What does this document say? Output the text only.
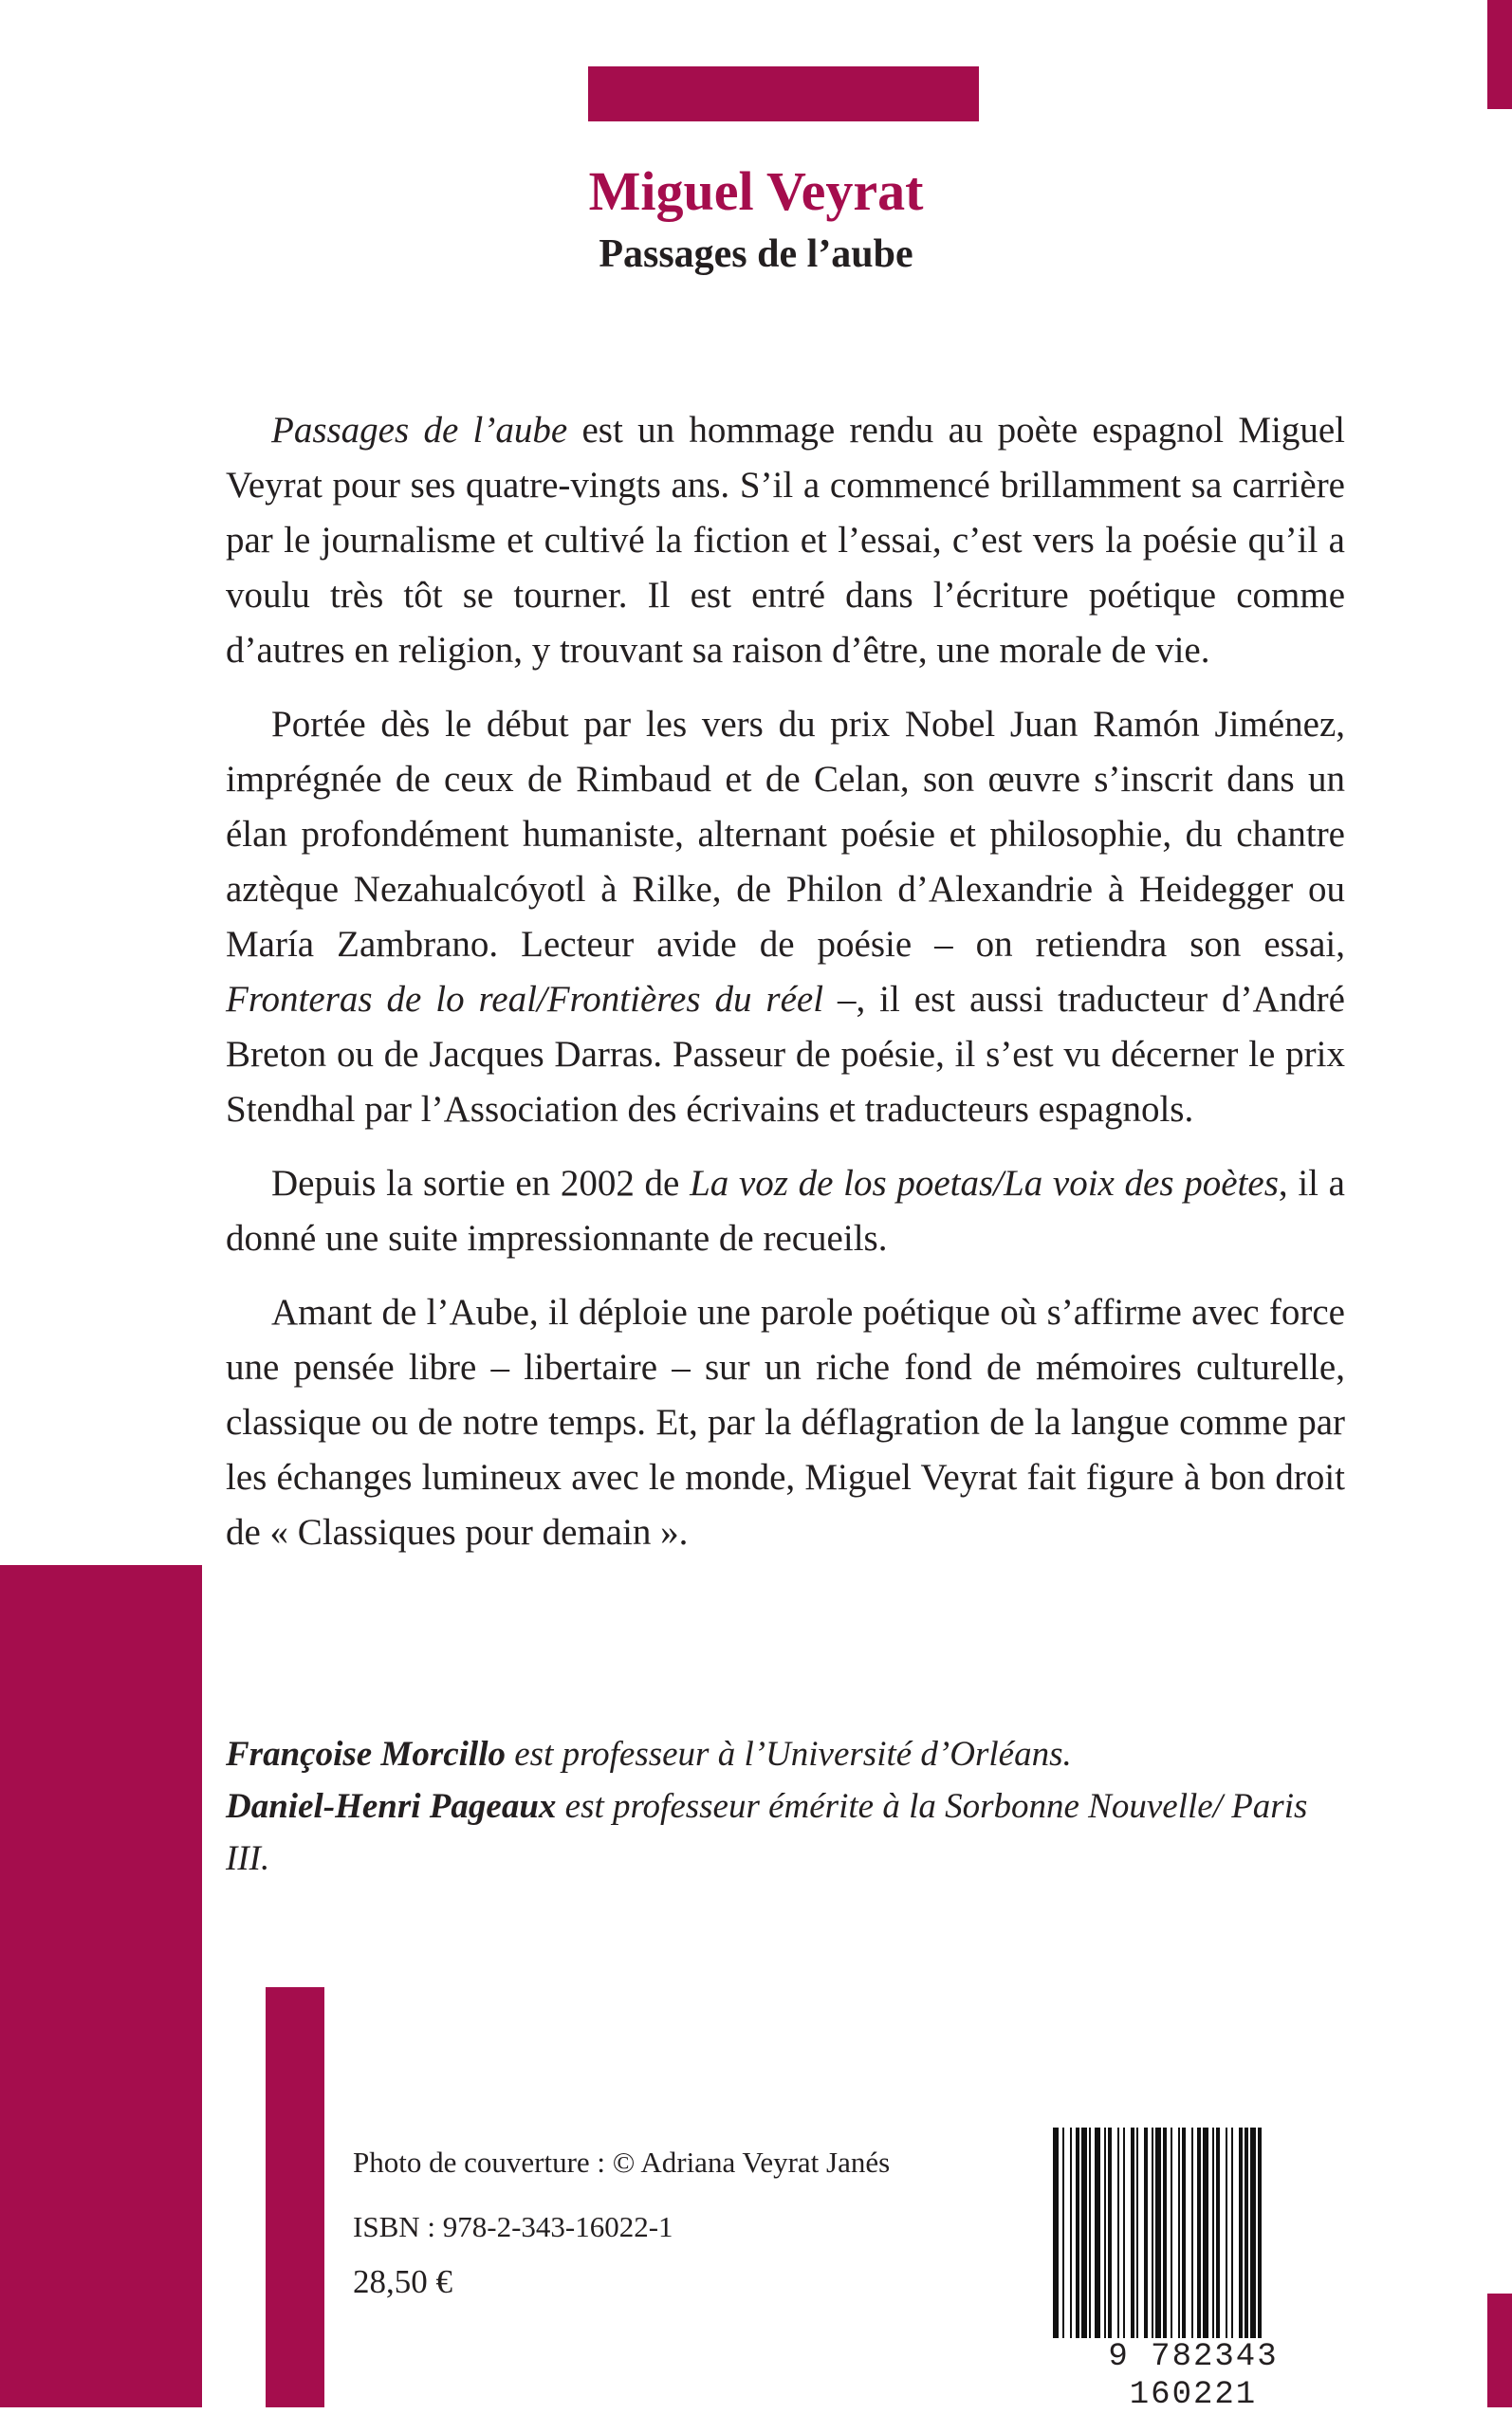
Miguel Veyrat
Passages de l’aube

Passages de l’aube est un hommage rendu au poète espagnol Miguel Veyrat pour ses quatre-vingts ans. S’il a commencé brillamment sa carrière par le journalisme et cultivé la fiction et l’essai, c’est vers la poésie qu’il a voulu très tôt se tourner. Il est entré dans l’écriture poétique comme d’autres en religion, y trouvant sa raison d’être, une morale de vie.

Portée dès le début par les vers du prix Nobel Juan Ramón Jiménez, imprégnée de ceux de Rimbaud et de Celan, son œuvre s’inscrit dans un élan profondément humaniste, alternant poésie et philosophie, du chantre aztèque Nezahualcóyotl à Rilke, de Philon d’Alexandrie à Heidegger ou María Zambrano. Lecteur avide de poésie – on retiendra son essai, Fronteras de lo real/Frontières du réel –, il est aussi traducteur d’André Breton ou de Jacques Darras. Passeur de poésie, il s’est vu décerner le prix Stendhal par l’Association des écrivains et traducteurs espagnols.

Depuis la sortie en 2002 de La voz de los poetas/La voix des poètes, il a donné une suite impressionnante de recueils.

Amant de l’Aube, il déploie une parole poétique où s’affirme avec force une pensée libre – libertaire – sur un riche fond de mémoires culturelle, classique ou de notre temps. Et, par la déflagration de la langue comme par les échanges lumineux avec le monde, Miguel Veyrat fait figure à bon droit de « Classiques pour demain ».

Françoise Morcillo est professeur à l’Université d’Orléans.

Daniel-Henri Pageaux est professeur émérite à la Sorbonne Nouvelle/ Paris III.

Photo de couverture : © Adriana Veyrat Janés
ISBN : 978-2-343-16022-1
28,50 €
9 782343 160221
